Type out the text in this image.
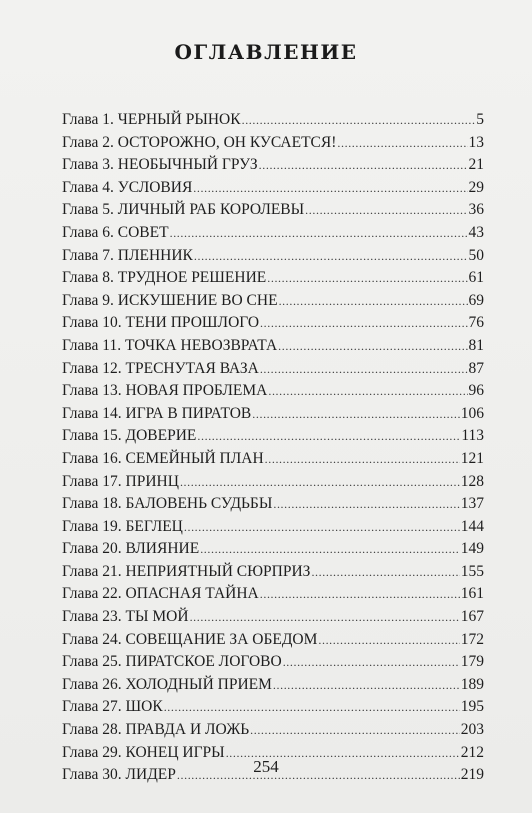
ОГЛАВЛЕНИЕ
Глава 1. ЧЕРНЫЙ РЫНОК .....	5
Глава 2. ОСТОРОЖНО, ОН КУСАЕТСЯ! .....	13
Глава 3. НЕОБЫЧНЫЙ ГРУЗ .....	21
Глава 4. УСЛОВИЯ .....	29
Глава 5. ЛИЧНЫЙ РАБ КОРОЛЕВЫ .....	36
Глава 6. СОВЕТ .....	43
Глава 7. ПЛЕННИК .....	50
Глава 8. ТРУДНОЕ РЕШЕНИЕ .....	61
Глава 9. ИСКУШЕНИЕ ВО СНЕ .....	69
Глава 10. ТЕНИ ПРОШЛОГО .....	76
Глава 11. ТОЧКА НЕВОЗВРАТА .....	81
Глава 12. ТРЕСНУТАЯ ВАЗА .....	87
Глава 13. НОВАЯ ПРОБЛЕМА .....	96
Глава 14. ИГРА В ПИРАТОВ .....	106
Глава 15. ДОВЕРИЕ .....	113
Глава 16. СЕМЕЙНЫЙ ПЛАН .....	121
Глава 17. ПРИНЦ .....	128
Глава 18. БАЛОВЕНЬ СУДЬБЫ .....	137
Глава 19. БЕГЛЕЦ .....	144
Глава 20. ВЛИЯНИЕ .....	149
Глава 21. НЕПРИЯТНЫЙ СЮРПРИЗ .....	155
Глава 22. ОПАСНАЯ ТАЙНА .....	161
Глава 23. ТЫ МОЙ .....	167
Глава 24. СОВЕЩАНИЕ ЗА ОБЕДОМ .....	172
Глава 25. ПИРАТСКОЕ ЛОГОВО .....	179
Глава 26. ХОЛОДНЫЙ ПРИЕМ .....	189
Глава 27. ШОК .....	195
Глава 28. ПРАВДА И ЛОЖЬ .....	203
Глава 29. КОНЕЦ ИГРЫ .....	212
Глава 30. ЛИДЕР .....	219
254
